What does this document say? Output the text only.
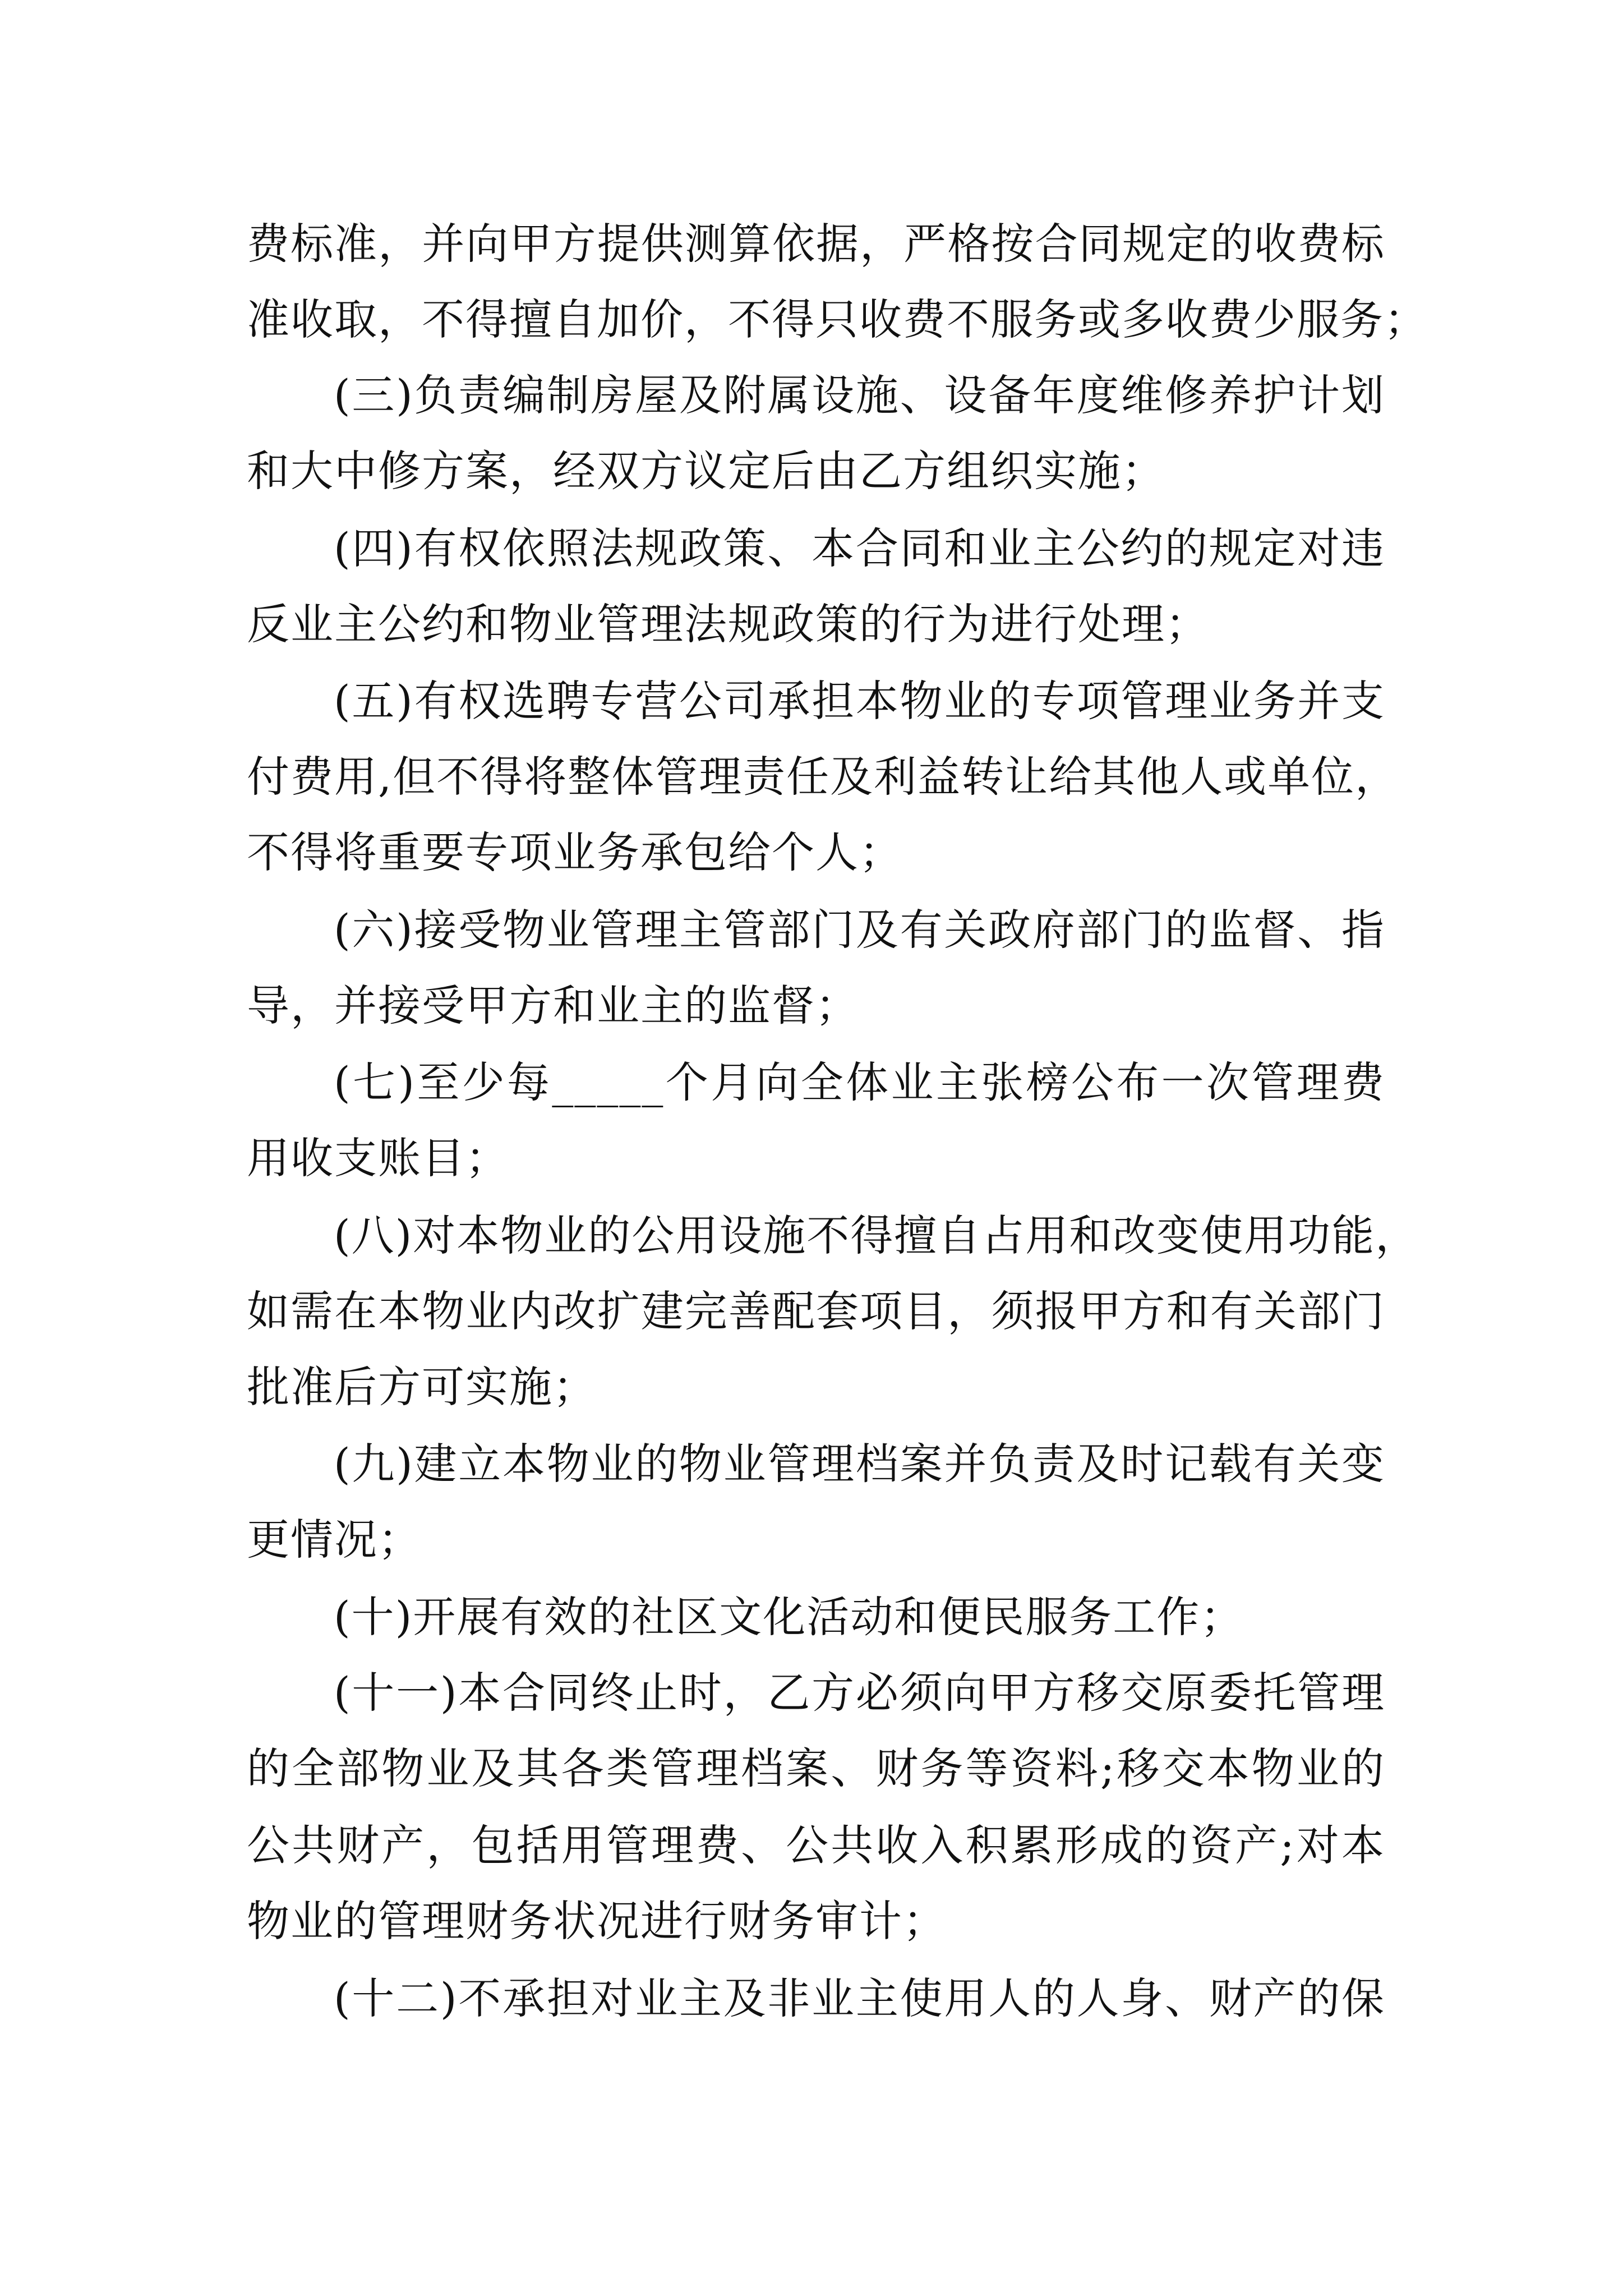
费标准，并向甲方提供测算依据，严格按合同规定的收费标
准收取，不得擅自加价，不得只收费不服务或多收费少服务；
(三)负责编制房屋及附属设施、设备年度维修养护计划
和大中修方案，经双方议定后由乙方组织实施；
(四)有权依照法规政策、本合同和业主公约的规定对违
反业主公约和物业管理法规政策的行为进行处理；
(五)有权选聘专营公司承担本物业的专项管理业务并支
付费用,但不得将整体管理责任及利益转让给其他人或单位，
不得将重要专项业务承包给个人；
(六)接受物业管理主管部门及有关政府部门的监督、指
导，并接受甲方和业主的监督；
(七)至少每_____个月向全体业主张榜公布一次管理费
用收支账目；
(八)对本物业的公用设施不得擅自占用和改变使用功能，
如需在本物业内改扩建完善配套项目，须报甲方和有关部门
批准后方可实施；
(九)建立本物业的物业管理档案并负责及时记载有关变
更情况；
(十)开展有效的社区文化活动和便民服务工作；
(十一)本合同终止时，乙方必须向甲方移交原委托管理
的全部物业及其各类管理档案、财务等资料;移交本物业的
公共财产，包括用管理费、公共收入积累形成的资产;对本
物业的管理财务状况进行财务审计；
(十二)不承担对业主及非业主使用人的人身、财产的保
